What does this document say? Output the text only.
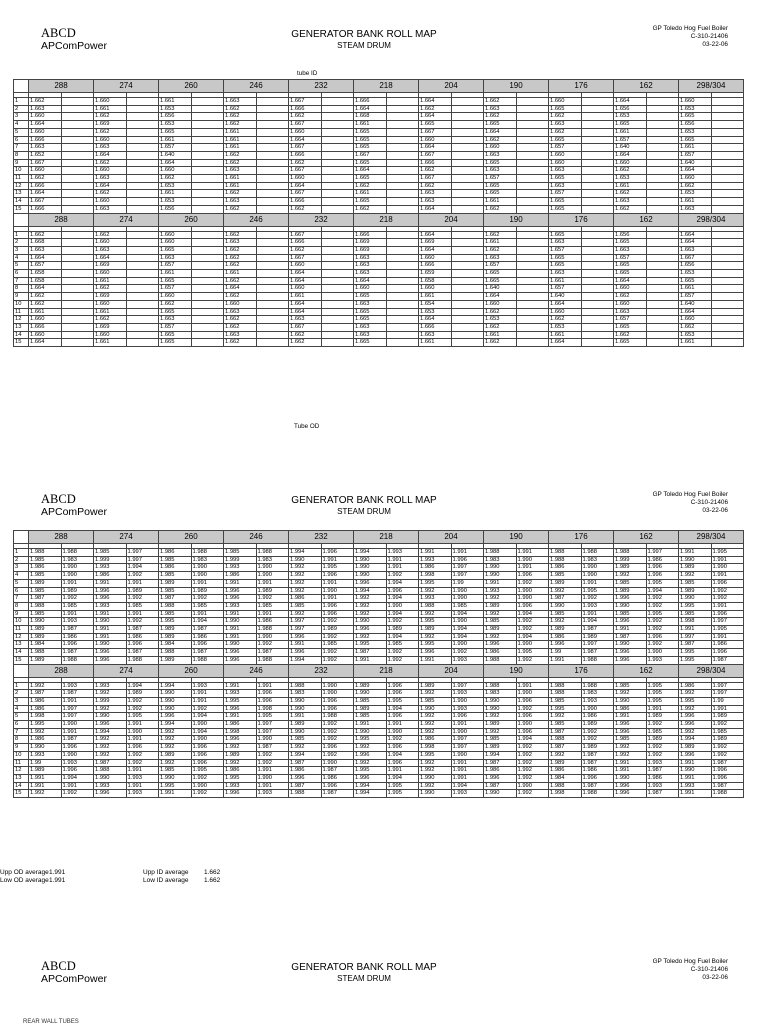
ABCD
APComPower
GENERATOR BANK ROLL MAP
STEAM DRUM
GP Toledo Hog Fuel Boiler
C-310-21406
03-22-06
tube ID
	288		274		260		246		232		218		204		190		176		162		298/304	

1	1.662		1.660		1.661		1.663		1.667		1.666		1.664		1.662		1.660		1.664		1.660	
2	1.663		1.661		1.653		1.662		1.666		1.664		1.662		1.663		1.665		1.656		1.653	
3	1.660		1.662		1.656		1.662		1.662		1.668		1.664		1.662		1.662		1.653		1.665	
4	1.664		1.669		1.653		1.662		1.667		1.661		1.665		1.665		1.663		1.665		1.656	
5	1.660		1.662		1.665		1.661		1.660		1.665		1.667		1.664		1.662		1.661		1.653	
6	1.666		1.660		1.661		1.661		1.664		1.665		1.660		1.662		1.665		1.657		1.665	
7	1.663		1.663		1.657		1.661		1.667		1.665		1.664		1.660		1.657		1.640		1.661	
8	1.652		1.664		1.640		1.662		1.666		1.667		1.667		1.663		1.660		1.664		1.657	
9	1.667		1.662		1.664		1.662		1.662		1.665		1.666		1.665		1.660		1.660		1.640	
10	1.660		1.660		1.660		1.663		1.667		1.664		1.662		1.663		1.663		1.662		1.664	
11	1.662		1.663		1.662		1.661		1.660		1.665		1.667		1.657		1.665		1.653		1.660	
12	1.666		1.664		1.653		1.661		1.664		1.662		1.662		1.665		1.663		1.661		1.662	
13	1.664		1.662		1.661		1.662		1.667		1.661		1.663		1.665		1.657		1.662		1.653	
14	1.667		1.660		1.653		1.663		1.666		1.665		1.663		1.661		1.665		1.663		1.661	
15	1.666		1.663		1.656		1.662		1.662		1.662		1.664		1.662		1.665		1.662		1.663	
	288		274		260		246		232		218		204		190		176		162		298/304	

1	1.662		1.662		1.660		1.662		1.667		1.666		1.664		1.662		1.665		1.656		1.664	
2	1.668		1.660		1.660		1.663		1.666		1.669		1.669		1.661		1.663		1.665		1.664	
3	1.663		1.663		1.665		1.662		1.662		1.669		1.664		1.662		1.657		1.663		1.663	
4	1.664		1.664		1.663		1.662		1.667		1.663		1.660		1.663		1.665		1.657		1.667	
5	1.657		1.669		1.657		1.662		1.660		1.663		1.666		1.657		1.665		1.665		1.656	
6	1.658		1.660		1.661		1.661		1.664		1.663		1.659		1.665		1.663		1.665		1.653	
7	1.658		1.661		1.665		1.662		1.664		1.664		1.658		1.665		1.661		1.664		1.665	
8	1.664		1.662		1.657		1.664		1.660		1.660		1.660		1.640		1.657		1.660		1.661	
9	1.662		1.669		1.660		1.662		1.661		1.665		1.661		1.664		1.640		1.662		1.657	
10	1.662		1.660		1.662		1.660		1.664		1.663		1.654		1.660		1.664		1.660		1.640	
11	1.661		1.661		1.665		1.663		1.664		1.665		1.653		1.662		1.660		1.663		1.664	
12	1.660		1.662		1.663		1.662		1.663		1.665		1.664		1.653		1.662		1.657		1.660	
13	1.666		1.669		1.657		1.662		1.667		1.663		1.666		1.662		1.653		1.665		1.662	
14	1.660		1.660		1.665		1.663		1.662		1.663		1.663		1.661		1.661		1.662		1.653	
15	1.664		1.661		1.665		1.662		1.662		1.665		1.661		1.662		1.664		1.665		1.661	
Tube OD
ABCD
APComPower
GENERATOR BANK ROLL MAP
STEAM DRUM
GP Toledo Hog Fuel Boiler
C-310-21406
03-22-06
	288		274		260		246		232		218		204		190		176		162		298/304	

1	1.988	1.988	1.985	1.997	1.986	1.988	1.985	1.988	1.994	1.996	1.994	1.993	1.991	1.991	1.988	1.991	1.988	1.988	1.988	1.997	1.991	1.995
2	1.985	1.983	1.999	1.997	1.985	1.983	1.999	1.983	1.990	1.991	1.990	1.991	1.993	1.996	1.983	1.990	1.988	1.983	1.999	1.986	1.990	1.991
3	1.986	1.990	1.993	1.994	1.986	1.990	1.993	1.990	1.992	1.995	1.990	1.991	1.986	1.997	1.990	1.991	1.986	1.990	1.989	1.996	1.989	1.990
4	1.985	1.990	1.986	1.992	1.985	1.990	1.986	1.990	1.992	1.996	1.990	1.992	1.998	1.997	1.990	1.996	1.985	1.990	1.992	1.996	1.992	1.991
5	1.989	1.991	1.991	1.991	1.989	1.991	1.991	1.991	1.992	1.991	1.996	1.994	1.995	1.99	1.991	1.992	1.989	1.991	1.985	1.995	1.985	1.996
6	1.985	1.989	1.996	1.989	1.985	1.989	1.996	1.989	1.992	1.990	1.994	1.996	1.992	1.990	1.993	1.990	1.992	1.995	1.989	1.994	1.989	1.992
7	1.987	1.992	1.996	1.992	1.987	1.992	1.996	1.992	1.986	1.991	1.992	1.994	1.993	1.990	1.992	1.990	1.987	1.992	1.996	1.992	1.990	1.992
8	1.988	1.985	1.993	1.985	1.988	1.985	1.993	1.985	1.985	1.996	1.992	1.990	1.988	1.985	1.989	1.996	1.990	1.993	1.990	1.992	1.995	1.991
9	1.985	1.991	1.991	1.991	1.985	1.991	1.991	1.991	1.992	1.996	1.992	1.994	1.992	1.994	1.992	1.994	1.985	1.991	1.985	1.995	1.985	1.996
10	1.990	1.993	1.990	1.992	1.995	1.994	1.990	1.986	1.997	1.992	1.990	1.992	1.995	1.990	1.985	1.992	1.992	1.994	1.996	1.992	1.998	1.997
11	1.989	1.987	1.991	1.987	1.989	1.987	1.991	1.988	1.997	1.989	1.996	1.989	1.989	1.994	1.989	1.992	1.989	1.987	1.991	1.992	1.991	1.995
12	1.989	1.986	1.991	1.986	1.989	1.986	1.991	1.990	1.996	1.992	1.992	1.994	1.992	1.994	1.992	1.994	1.986	1.989	1.987	1.996	1.997	1.991
13	1.984	1.996	1.990	1.996	1.984	1.996	1.990	1.992	1.991	1.985	1.995	1.985	1.995	1.990	1.996	1.990	1.996	1.997	1.990	1.992	1.987	1.986
14	1.988	1.987	1.996	1.987	1.988	1.987	1.996	1.987	1.996	1.992	1.987	1.992	1.996	1.992	1.986	1.995	1.99	1.987	1.996	1.990	1.995	1.996
15	1.989	1.988	1.996	1.988	1.989	1.988	1.996	1.988	1.994	1.992	1.991	1.992	1.991	1.993	1.988	1.992	1.991	1.988	1.996	1.993	1.995	1.987
	288		274		260		246		232		218		204		190		176		162		298/304	

1	1.992	1.993	1.993	1.994	1.994	1.993	1.991	1.991	1.988	1.990	1.989	1.996	1.989	1.997	1.988	1.991	1.988	1.988	1.985	1.995	1.986	1.997
2	1.987	1.987	1.992	1.989	1.990	1.991	1.993	1.996	1.983	1.990	1.990	1.996	1.992	1.993	1.983	1.990	1.988	1.983	1.992	1.995	1.992	1.997
3	1.986	1.991	1.999	1.992	1.990	1.991	1.995	1.996	1.990	1.996	1.985	1.995	1.985	1.990	1.990	1.996	1.985	1.993	1.990	1.995	1.995	1.99
4	1.986	1.997	1.992	1.992	1.990	1.992	1.996	1.998	1.990	1.996	1.989	1.994	1.990	1.993	1.990	1.992	1.995	1.990	1.986	1.991	1.992	1.991
5	1.998	1.997	1.990	1.995	1.996	1.994	1.991	1.995	1.991	1.988	1.985	1.996	1.992	1.996	1.992	1.996	1.992	1.986	1.991	1.989	1.996	1.989
6	1.995	1.990	1.996	1.991	1.994	1.990	1.986	1.997	1.989	1.992	1.991	1.991	1.992	1.991	1.989	1.990	1.985	1.989	1.996	1.992	1.996	1.992
7	1.992	1.991	1.994	1.990	1.992	1.994	1.998	1.997	1.990	1.992	1.990	1.990	1.992	1.990	1.992	1.996	1.987	1.992	1.996	1.985	1.992	1.985
8	1.986	1.987	1.992	1.991	1.992	1.990	1.996	1.990	1.985	1.992	1.995	1.992	1.986	1.997	1.985	1.994	1.988	1.992	1.985	1.989	1.994	1.989
9	1.990	1.996	1.992	1.996	1.992	1.996	1.992	1.987	1.992	1.996	1.992	1.996	1.998	1.997	1.989	1.992	1.987	1.989	1.992	1.992	1.989	1.992
10	1.993	1.990	1.992	1.992	1.989	1.996	1.989	1.992	1.994	1.992	1.996	1.994	1.995	1.990	1.994	1.992	1.992	1.987	1.992	1.992	1.996	1.992
11	1.99	1.993	1.987	1.992	1.992	1.996	1.992	1.992	1.987	1.990	1.992	1.996	1.992	1.991	1.987	1.992	1.989	1.987	1.991	1.993	1.991	1.987
12	1.989	1.996	1.988	1.991	1.985	1.995	1.986	1.991	1.986	1.987	1.995	1.991	1.992	1.991	1.986	1.992	1.986	1.986	1.991	1.987	1.990	1.996
13	1.991	1.994	1.990	1.993	1.990	1.992	1.995	1.990	1.996	1.986	1.996	1.994	1.990	1.991	1.996	1.992	1.984	1.996	1.990	1.986	1.991	1.996
14	1.991	1.991	1.993	1.991	1.995	1.990	1.993	1.991	1.987	1.996	1.994	1.995	1.992	1.994	1.987	1.990	1.988	1.987	1.996	1.993	1.993	1.987
15	1.992	1.992	1.996	1.993	1.991	1.992	1.996	1.993	1.988	1.987	1.994	1.995	1.990	1.993	1.990	1.992	1.998	1.988	1.996	1.987	1.991	1.988
Upp OD average 1.991	Upp ID average 1.662
Low OD average 1.991	Low ID average 1.662
ABCD
APComPower
GENERATOR BANK ROLL MAP
STEAM DRUM
GP Toledo Hog Fuel Boiler
C-310-21406
03-22-06
REAR WALL TUBES
